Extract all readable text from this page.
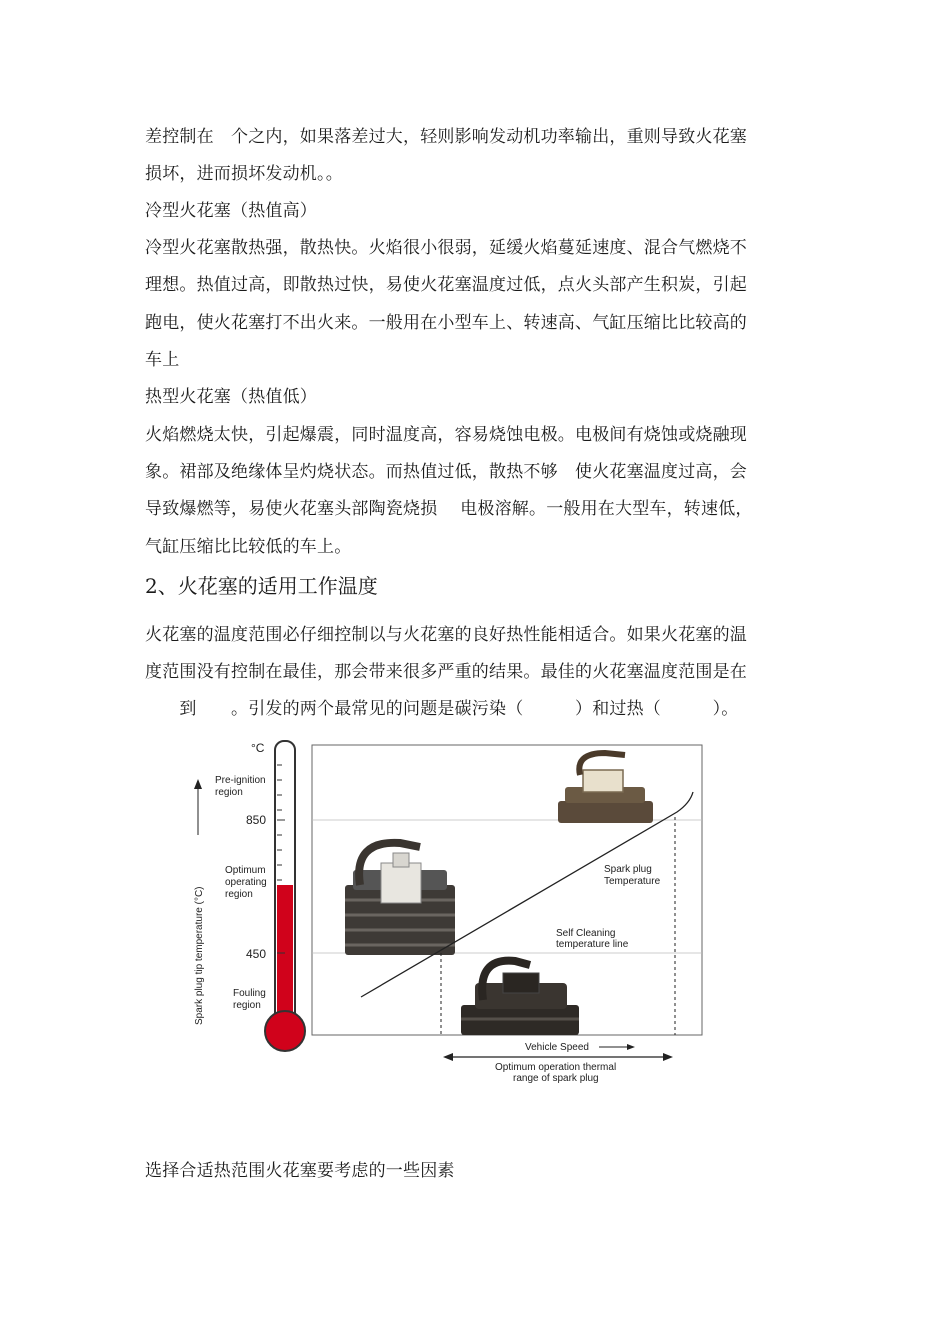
差控制在　个之内，如果落差过大，轻则影响发动机功率输出，重则导致火花塞
损坏，进而损坏发动机。。
冷型火花塞（热值高）
冷型火花塞散热强，散热快。火焰很小很弱，延缓火焰蔓延速度、混合气燃烧不
理想。热值过高，即散热过快，易使火花塞温度过低，点火头部产生积炭，引起
跑电，使火花塞打不出火来。一般用在小型车上、转速高、气缸压缩比比较高的
车上
热型火花塞（热值低）
火焰燃烧太快，引起爆震，同时温度高，容易烧蚀电极。电极间有烧蚀或烧融现
象。裙部及绝缘体呈灼烧状态。而热值过低，散热不够　使火花塞温度过高，会
导致爆燃等，易使火花塞头部陶瓷烧损　 电极溶解。一般用在大型车，转速低，
气缸压缩比比较低的车上。
2、火花塞的适用工作温度
火花塞的温度范围必仔细控制以与火花塞的良好热性能相适合。如果火花塞的温
度范围没有控制在最佳，那会带来很多严重的结果。最佳的火花塞温度范围是在
　　到　　。引发的两个最常见的问题是碳污染（　　　）和过热（　　　）。
Spark plug tip temperature (°C)
°C
Pre-ignition
region
850
Optimum
operating
region
450
Fouling
region
Spark plug
Temperature
Self Cleaning
temperature line
Vehicle Speed
Optimum operation thermal
range of spark plug
选择合适热范围火花塞要考虑的一些因素
